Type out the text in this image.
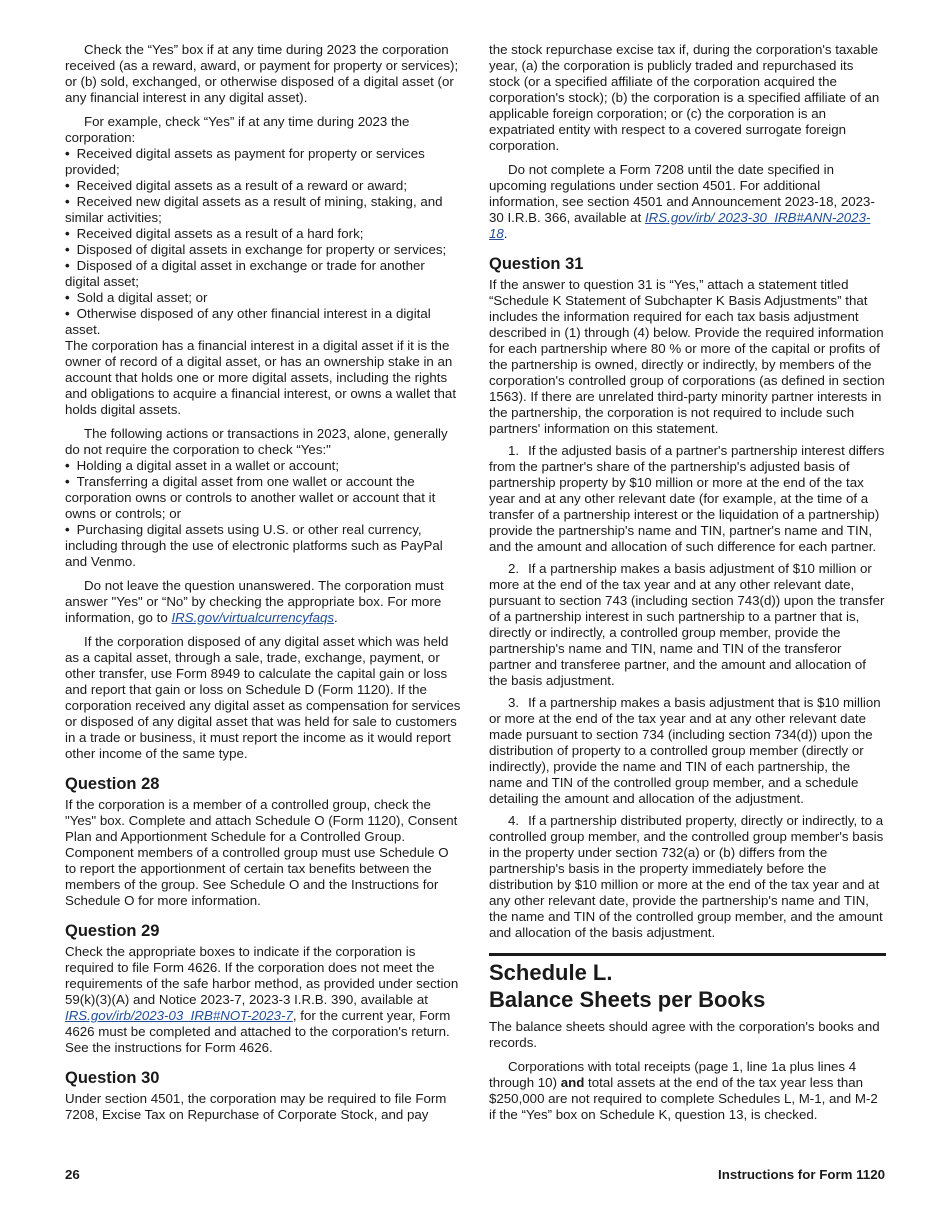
Check the “Yes” box if at any time during 2023 the corporation received (as a reward, award, or payment for property or services); or (b) sold, exchanged, or otherwise disposed of a digital asset (or any financial interest in any digital asset).

For example, check “Yes” if at any time during 2023 the corporation:

• Received digital assets as payment for property or services provided;
• Received digital assets as a result of a reward or award;
• Received new digital assets as a result of mining, staking, and similar activities;
• Received digital assets as a result of a hard fork;
• Disposed of digital assets in exchange for property or services;
• Disposed of a digital asset in exchange or trade for another digital asset;
• Sold a digital asset; or
• Otherwise disposed of any other financial interest in a digital asset.

The corporation has a financial interest in a digital asset if it is the owner of record of a digital asset, or has an ownership stake in an account that holds one or more digital assets, including the rights and obligations to acquire a financial interest, or owns a wallet that holds digital assets.

The following actions or transactions in 2023, alone, generally do not require the corporation to check “Yes:"

• Holding a digital asset in a wallet or account;
• Transferring a digital asset from one wallet or account the corporation owns or controls to another wallet or account that it owns or controls; or
• Purchasing digital assets using U.S. or other real currency, including through the use of electronic platforms such as PayPal and Venmo.

Do not leave the question unanswered. The corporation must answer "Yes" or “No” by checking the appropriate box. For more information, go to IRS.gov/virtualcurrencyfaqs.

If the corporation disposed of any digital asset which was held as a capital asset, through a sale, trade, exchange, payment, or other transfer, use Form 8949 to calculate the capital gain or loss and report that gain or loss on Schedule D (Form 1120). If the corporation received any digital asset as compensation for services or disposed of any digital asset that was held for sale to customers in a trade or business, it must report the income as it would report other income of the same type.

Question 28

If the corporation is a member of a controlled group, check the "Yes" box. Complete and attach Schedule O (Form 1120), Consent Plan and Apportionment Schedule for a Controlled Group. Component members of a controlled group must use Schedule O to report the apportionment of certain tax benefits between the members of the group. See Schedule O and the Instructions for Schedule O for more information.

Question 29

Check the appropriate boxes to indicate if the corporation is required to file Form 4626. If the corporation does not meet the requirements of the safe harbor method, as provided under section 59(k)(3)(A) and Notice 2023-7, 2023-3 I.R.B. 390, available at IRS.gov/irb/2023-03_IRB#NOT-2023-7, for the current year, Form 4626 must be completed and attached to the corporation's return. See the instructions for Form 4626.

Question 30

Under section 4501, the corporation may be required to file Form 7208, Excise Tax on Repurchase of Corporate Stock, and pay

the stock repurchase excise tax if, during the corporation's taxable year, (a) the corporation is publicly traded and repurchased its stock (or a specified affiliate of the corporation acquired the corporation's stock); (b) the corporation is a specified affiliate of an applicable foreign corporation; or (c) the corporation is an expatriated entity with respect to a covered surrogate foreign corporation.

Do not complete a Form 7208 until the date specified in upcoming regulations under section 4501. For additional information, see section 4501 and Announcement 2023-18, 2023-30 I.R.B. 366, available at IRS.gov/irb/ 2023-30_IRB#ANN-2023-18.

Question 31

If the answer to question 31 is “Yes,” attach a statement titled “Schedule K Statement of Subchapter K Basis Adjustments” that includes the information required for each tax basis adjustment described in (1) through (4) below. Provide the required information for each partnership where 80 % or more of the capital or profits of the partnership is owned, directly or indirectly, by members of the corporation's controlled group of corporations (as defined in section 1563). If there are unrelated third-party minority partner interests in the partnership, the corporation is not required to include such partners' information on this statement.

1. If the adjusted basis of a partner's partnership interest differs from the partner's share of the partnership's adjusted basis of partnership property by $10 million or more at the end of the tax year and at any other relevant date (for example, at the time of a transfer of a partnership interest or the liquidation of a partnership) provide the partnership's name and TIN, partner's name and TIN, and the amount and allocation of such difference for each partner.
2. If a partnership makes a basis adjustment of $10 million or more at the end of the tax year and at any other relevant date, pursuant to section 743 (including section 743(d)) upon the transfer of a partnership interest in such partnership to a partner that is, directly or indirectly, a controlled group member, provide the partnership's name and TIN, name and TIN of the transferor partner and transferee partner, and the amount and allocation of the basis adjustment.
3. If a partnership makes a basis adjustment that is $10 million or more at the end of the tax year and at any other relevant date made pursuant to section 734 (including section 734(d)) upon the distribution of property to a controlled group member (directly or indirectly), provide the name and TIN of each partnership, the name and TIN of the controlled group member, and a schedule detailing the amount and allocation of the adjustment.
4. If a partnership distributed property, directly or indirectly, to a controlled group member, and the controlled group member's basis in the property under section 732(a) or (b) differs from the partnership's basis in the property immediately before the distribution by $10 million or more at the end of the tax year and at any other relevant date, provide the partnership's name and TIN, the name and TIN of the controlled group member, and the amount and allocation of the basis adjustment.
Schedule L.
Balance Sheets per Books

The balance sheets should agree with the corporation's books and records.

Corporations with total receipts (page 1, line 1a plus lines 4 through 10) and total assets at the end of the tax year less than $250,000 are not required to complete Schedules L, M-1, and M-2 if the “Yes” box on Schedule K, question 13, is checked.

26	Instructions for Form 1120
